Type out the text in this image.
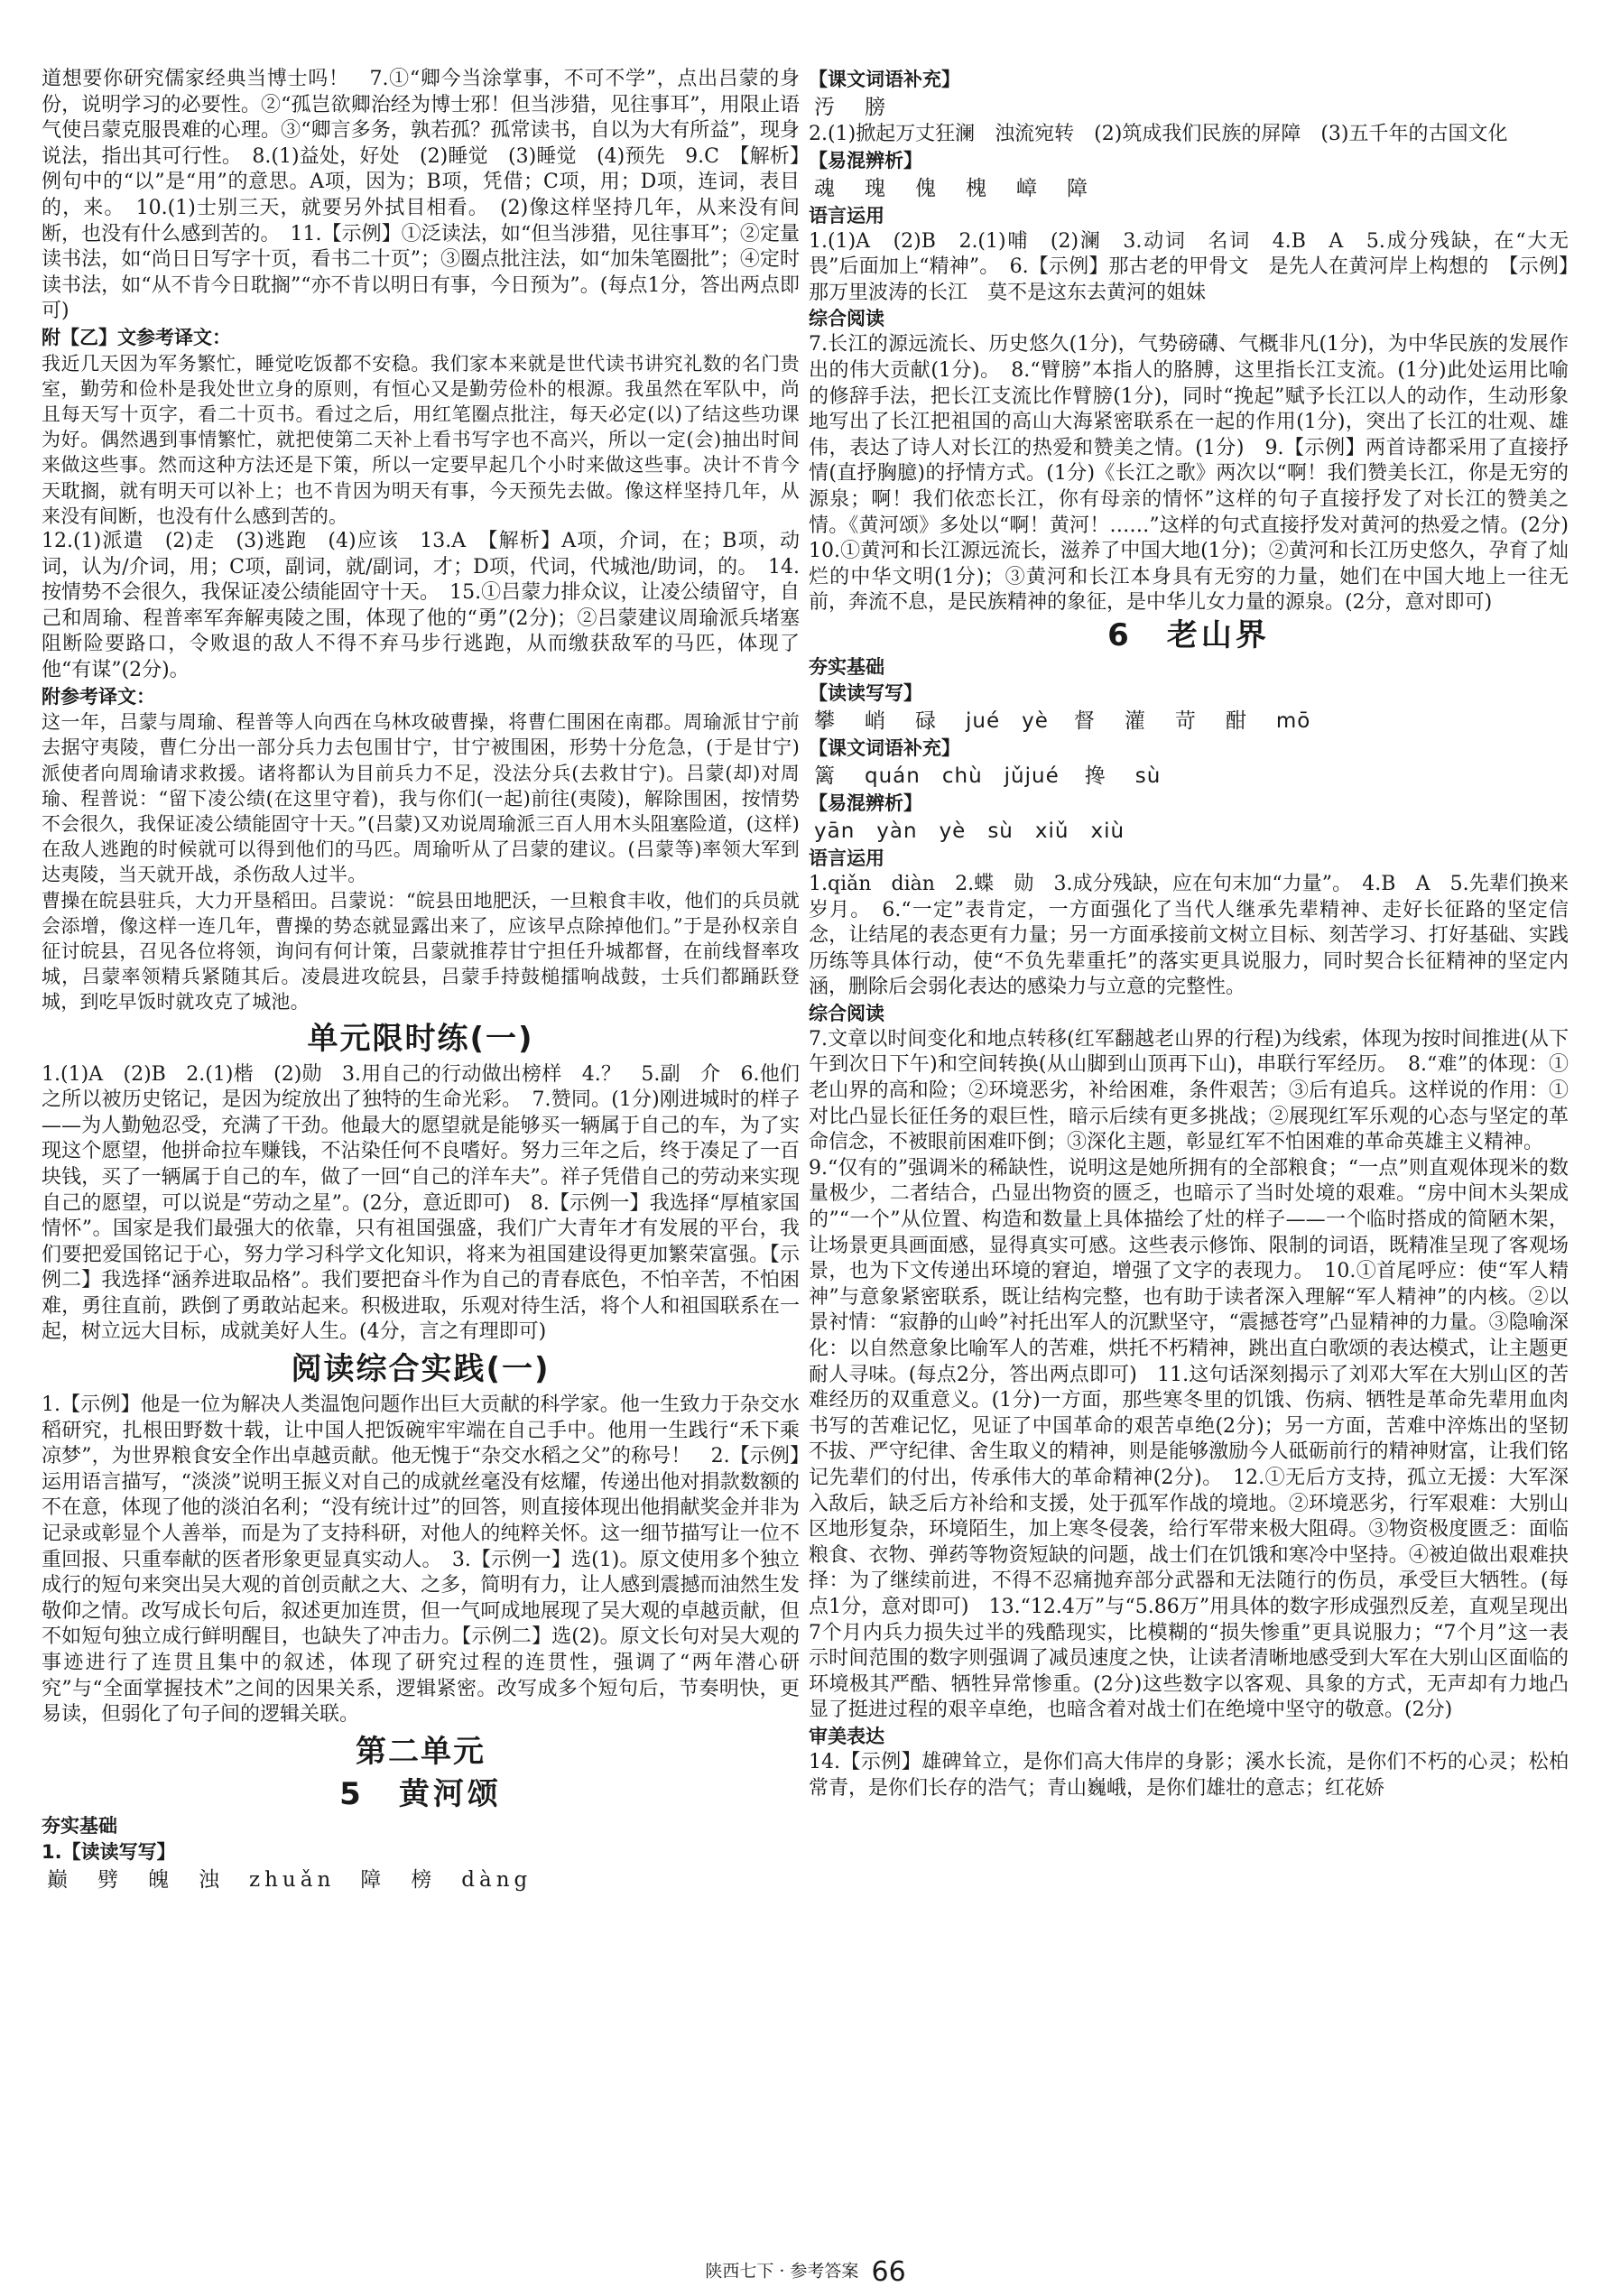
道想要你研究儒家经典当博士吗！　7.①“卿今当涂掌事，不可不学”，点出吕蒙的身份，说明学习的必要性。②“孤岂欲卿治经为博士邪！但当涉猎，见往事耳”，用限止语气使吕蒙克服畏难的心理。③“卿言多务，孰若孤？孤常读书，自以为大有所益”，现身说法，指出其可行性。　8.(1)益处，好处　(2)睡觉　(3)睡觉　(4)预先　9.C　【解析】例句中的“以”是“用”的意思。A项，因为；B项，凭借；C项，用；D项，连词，表目的，来。　10.(1)士别三天，就要另外拭目相看。　(2)像这样坚持几年，从来没有间断，也没有什么感到苦的。　11.【示例】①泛读法，如“但当涉猎，见往事耳”；②定量读书法，如“尚日日写字十页，看书二十页”；③圈点批注法，如“加朱笔圈批”；④定时读书法，如“从不肯今日耽搁”“亦不肯以明日有事，今日预为”。(每点1分，答出两点即可)

附【乙】文参考译文：

我近几天因为军务繁忙，睡觉吃饭都不安稳。我们家本来就是世代读书讲究礼数的名门贵室，勤劳和俭朴是我处世立身的原则，有恒心又是勤劳俭朴的根源。我虽然在军队中，尚且每天写十页字，看二十页书。看过之后，用红笔圈点批注，每天必定(以)了结这些功课为好。偶然遇到事情繁忙，就把使第二天补上看书写字也不高兴，所以一定(会)抽出时间来做这些事。然而这种方法还是下策，所以一定要早起几个小时来做这些事。决计不肯今天耽搁，就有明天可以补上；也不肯因为明天有事，今天预先去做。像这样坚持几年，从来没有间断，也没有什么感到苦的。

12.(1)派遣　(2)走　(3)逃跑　(4)应该　13.A　【解析】A项，介词，在；B项，动词，认为/介词，用；C项，副词，就/副词，才；D项，代词，代城池/助词，的。　14.按情势不会很久，我保证凌公绩能固守十天。　15.①吕蒙力排众议，让凌公绩留守，自己和周瑜、程普率军奔解夷陵之围，体现了他的“勇”(2分)；②吕蒙建议周瑜派兵堵塞阻断险要路口，令败退的敌人不得不弃马步行逃跑，从而缴获敌军的马匹，体现了他“有谋”(2分)。

附参考译文：

这一年，吕蒙与周瑜、程普等人向西在乌林攻破曹操，将曹仁围困在南郡。周瑜派甘宁前去据守夷陵，曹仁分出一部分兵力去包围甘宁，甘宁被围困，形势十分危急，(于是甘宁)派使者向周瑜请求救援。诸将都认为目前兵力不足，没法分兵(去救甘宁)。吕蒙(却)对周瑜、程普说：“留下凌公绩(在这里守着)，我与你们(一起)前往(夷陵)，解除围困，按情势不会很久，我保证凌公绩能固守十天。”(吕蒙)又劝说周瑜派三百人用木头阻塞险道，(这样)在敌人逃跑的时候就可以得到他们的马匹。周瑜听从了吕蒙的建议。(吕蒙等)率领大军到达夷陵，当天就开战，杀伤敌人过半。

曹操在皖县驻兵，大力开垦稻田。吕蒙说：“皖县田地肥沃，一旦粮食丰收，他们的兵员就会添增，像这样一连几年，曹操的势态就显露出来了，应该早点除掉他们。”于是孙权亲自征讨皖县，召见各位将领，询问有何计策，吕蒙就推荐甘宁担任升城都督，在前线督率攻城，吕蒙率领精兵紧随其后。凌晨进攻皖县，吕蒙手持鼓槌擂响战鼓，士兵们都踊跃登城，到吃早饭时就攻克了城池。

单元限时练(一)

1.(1)A　(2)B　2.(1)楷　(2)勋　3.用自己的行动做出榜样　4.？　5.副　介　6.他们之所以被历史铭记，是因为绽放出了独特的生命光彩。　7.赞同。(1分)刚进城时的样子——为人勤勉忍受，充满了干劲。他最大的愿望就是能够买一辆属于自己的车，为了实现这个愿望，他拼命拉车赚钱，不沾染任何不良嗜好。努力三年之后，终于凑足了一百块钱，买了一辆属于自己的车，做了一回“自己的洋车夫”。祥子凭借自己的劳动来实现自己的愿望，可以说是“劳动之星”。(2分，意近即可)　8.【示例一】我选择“厚植家国情怀”。国家是我们最强大的依靠，只有祖国强盛，我们广大青年才有发展的平台，我们要把爱国铭记于心，努力学习科学文化知识，将来为祖国建设得更加繁荣富强。【示例二】我选择“涵养进取品格”。我们要把奋斗作为自己的青春底色，不怕辛苦，不怕困难，勇往直前，跌倒了勇敢站起来。积极进取，乐观对待生活，将个人和祖国联系在一起，树立远大目标，成就美好人生。(4分，言之有理即可)

阅读综合实践(一)

1.【示例】他是一位为解决人类温饱问题作出巨大贡献的科学家。他一生致力于杂交水稻研究，扎根田野数十载，让中国人把饭碗牢牢端在自己手中。他用一生践行“禾下乘凉梦”，为世界粮食安全作出卓越贡献。他无愧于“杂交水稻之父”的称号！　2.【示例】运用语言描写，“淡淡”说明王振义对自己的成就丝毫没有炫耀，传递出他对捐款数额的不在意，体现了他的淡泊名利；“没有统计过”的回答，则直接体现出他捐献奖金并非为记录或彰显个人善举，而是为了支持科研，对他人的纯粹关怀。这一细节描写让一位不重回报、只重奉献的医者形象更显真实动人。　3.【示例一】选(1)。原文使用多个独立成行的短句来突出吴大观的首创贡献之大、之多，简明有力，让人感到震撼而油然生发敬仰之情。改写成长句后，叙述更加连贯，但一气呵成地展现了吴大观的卓越贡献，但不如短句独立成行鲜明醒目，也缺失了冲击力。【示例二】选(2)。原文长句对吴大观的事迹进行了连贯且集中的叙述，体现了研究过程的连贯性，强调了“两年潜心研究”与“全面掌握技术”之间的因果关系，逻辑紧密。改写成多个短句后，节奏明快，更易读，但弱化了句子间的逻辑关联。

第二单元
5　黄河颂

夯实基础

1.【读读写写】

巅　劈　魄　浊　zhuǎn　障　榜　dàng

【课文词语补充】

汚　膀

2.(1)掀起万丈狂澜　浊流宛转　(2)筑成我们民族的屏障　(3)五千年的古国文化

【易混辨析】

魂　瑰　傀　槐　嶂　障

语言运用

1.(1)A　(2)B　2.(1)哺　(2)澜　3.动词　名词　4.B　A　5.成分残缺，在“大无畏”后面加上“精神”。　6.【示例】那古老的甲骨文　是先人在黄河岸上构想的　【示例】那万里波涛的长江　莫不是这东去黄河的姐妹

综合阅读

7.长江的源远流长、历史悠久(1分)，气势磅礴、气概非凡(1分)，为中华民族的发展作出的伟大贡献(1分)。　8.“臂膀”本指人的胳膊，这里指长江支流。(1分)此处运用比喻的修辞手法，把长江支流比作臂膀(1分)，同时“挽起”赋予长江以人的动作，生动形象地写出了长江把祖国的高山大海紧密联系在一起的作用(1分)，突出了长江的壮观、雄伟，表达了诗人对长江的热爱和赞美之情。(1分)　9.【示例】两首诗都采用了直接抒情(直抒胸臆)的抒情方式。(1分)《长江之歌》两次以“啊！我们赞美长江，你是无穷的源泉；啊！我们依恋长江，你有母亲的情怀”这样的句子直接抒发了对长江的赞美之情。《黄河颂》多处以“啊！黄河！……”这样的句式直接抒发对黄河的热爱之情。(2分)　10.①黄河和长江源远流长，滋养了中国大地(1分)；②黄河和长江历史悠久，孕育了灿烂的中华文明(1分)；③黄河和长江本身具有无穷的力量，她们在中国大地上一往无前，奔流不息，是民族精神的象征，是中华儿女力量的源泉。(2分，意对即可)

6　老山界

夯实基础

【读读写写】

攀　峭　碌　 jué　yè　 督　灌　苛　酣　 mō

【课文词语补充】

篱　 quán　chù　jǔjué　 搀　 sù

【易混辨析】

yān　yàn　yè　sù　xiǔ　xiù

语言运用

1.qiǎn　diàn　2.蝶　勋　3.成分残缺，应在句末加“力量”。　4.B　A　5.先辈们换来岁月。　6.“一定”表肯定，一方面强化了当代人继承先辈精神、走好长征路的坚定信念，让结尾的表态更有力量；另一方面承接前文树立目标、刻苦学习、打好基础、实践历练等具体行动，使“不负先辈重托”的落实更具说服力，同时契合长征精神的坚定内涵，删除后会弱化表达的感染力与立意的完整性。

综合阅读

7.文章以时间变化和地点转移(红军翻越老山界的行程)为线索，体现为按时间推进(从下午到次日下午)和空间转换(从山脚到山顶再下山)，串联行军经历。　8.“难”的体现：①老山界的高和险；②环境恶劣，补给困难，条件艰苦；③后有追兵。这样说的作用：①对比凸显长征任务的艰巨性，暗示后续有更多挑战；②展现红军乐观的心态与坚定的革命信念，不被眼前困难吓倒；③深化主题，彰显红军不怕困难的革命英雄主义精神。

9.“仅有的”强调米的稀缺性，说明这是她所拥有的全部粮食；“一点”则直观体现米的数量极少，二者结合，凸显出物资的匮乏，也暗示了当时处境的艰难。“房中间木头架成的”“一个”从位置、构造和数量上具体描绘了灶的样子——一个临时搭成的简陋木架，让场景更具画面感，显得真实可感。这些表示修饰、限制的词语，既精准呈现了客观场景，也为下文传递出环境的窘迫，增强了文字的表现力。　10.①首尾呼应：使“军人精神”与意象紧密联系，既让结构完整，也有助于读者深入理解“军人精神”的内核。②以景衬情：“寂静的山岭”衬托出军人的沉默坚守，“震撼苍穹”凸显精神的力量。③隐喻深化：以自然意象比喻军人的苦难，烘托不朽精神，跳出直白歌颂的表达模式，让主题更耐人寻味。(每点2分，答出两点即可)　11.这句话深刻揭示了刘邓大军在大别山区的苦难经历的双重意义。(1分)一方面，那些寒冬里的饥饿、伤病、牺牲是革命先辈用血肉书写的苦难记忆，见证了中国革命的艰苦卓绝(2分)；另一方面，苦难中淬炼出的坚韧不拔、严守纪律、舍生取义的精神，则是能够激励今人砥砺前行的精神财富，让我们铭记先辈们的付出，传承伟大的革命精神(2分)。　12.①无后方支持，孤立无援：大军深入敌后，缺乏后方补给和支援，处于孤军作战的境地。②环境恶劣，行军艰难：大别山区地形复杂，环境陌生，加上寒冬侵袭，给行军带来极大阻碍。③物资极度匮乏：面临粮食、衣物、弹药等物资短缺的问题，战士们在饥饿和寒冷中坚持。④被迫做出艰难抉择：为了继续前进，不得不忍痛抛弃部分武器和无法随行的伤员，承受巨大牺牲。(每点1分，意对即可)　13.“12.4万”与“5.86万”用具体的数字形成强烈反差，直观呈现出7个月内兵力损失过半的残酷现实，比模糊的“损失惨重”更具说服力；“7个月”这一表示时间范围的数字则强调了减员速度之快，让读者清晰地感受到大军在大别山区面临的环境极其严酷、牺牲异常惨重。(2分)这些数字以客观、具象的方式，无声却有力地凸显了挺进过程的艰辛卓绝，也暗含着对战士们在绝境中坚守的敬意。(2分)

审美表达

14.【示例】雄碑耸立，是你们高大伟岸的身影；溪水长流，是你们不朽的心灵；松柏常青，是你们长存的浩气；青山巍峨，是你们雄壮的意志；红花娇

陕西七下 · 参考答案 66
